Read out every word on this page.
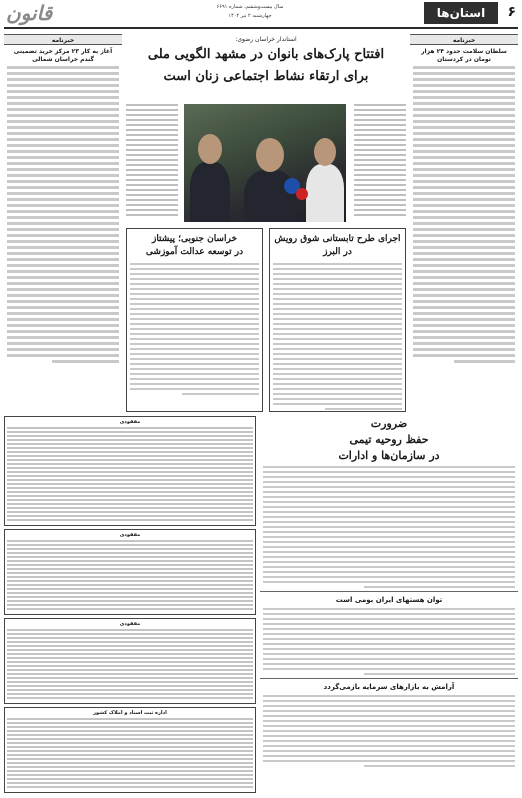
۶
استان‌ها
سال بیست‌وششم، شماره ۶۶۹۱
چهارشنبه ۲ تیر ۱۴۰۲
قانون
خبرنامه
سلطان سلامت حدود ۲۴ هزار تومان در کردستان
خبرنامه
آغاز به کار ۲۳ مرکز خرید تضمینی گندم خراسان شمالی
استاندار خراسان رضوی:
افتتاح پارک‌های بانوان در مشهد الگویی ملی
برای ارتقاء نشاط اجتماعی زنان است
اجرای طرح تابستانی شوق رویش در البرز
خراسان جنوبی؛ پیشتاز
در توسعه عدالت آموزشی
مفقودی
مفقودی
مفقودی
اداره ثبت اسناد و املاک کشور
ضرورت
حفظ روحیه تیمی
در سازمان‌ها و ادارات
توان هستهای ایران بومی است
آرامش به بازارهای سرمایه بازمی‌گردد
